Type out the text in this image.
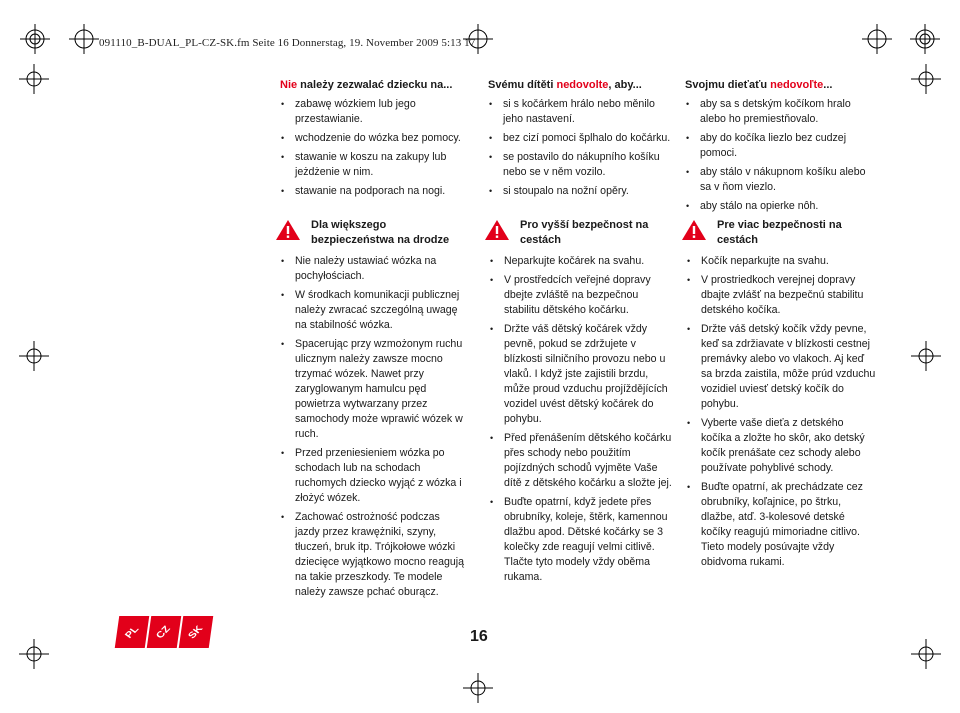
091110_B-DUAL_PL-CZ-SK.fm Seite 16 Donnerstag, 19. November 2009 5:13 17
Nie należy zezwalać dziecku na...
• zabawę wózkiem lub jego przestawianie.
• wchodzenie do wózka bez pomocy.
• stawanie w koszu na zakupy lub jeżdżenie w nim.
• stawanie na podporach na nogi.
Svému dítěti nedovolte, aby...
• si s kočárkem hrálo nebo měnilo jeho nastavení.
• bez cizí pomoci šplhalo do kočárku.
• se postavilo do nákupního košíku nebo se v něm vozilo.
• si stoupalo na nožní opěry.
Svojmu dieťaťu nedovoľte...
• aby sa s detským kočíkom hralo alebo ho premiestňovalo.
• aby do kočíka liezlo bez cudzej pomoci.
• aby stálo v nákupnom košíku alebo sa v ňom viezlo.
• aby stálo na opierke nôh.
Dla większego bezpieczeństwa na drodze
• Nie należy ustawiać wózka na pochyłościach.
• W środkach komunikacji publicznej należy zwracać szczególną uwagę na stabilność wózka.
• Spacerując przy wzmożonym ruchu ulicznym należy zawsze mocno trzymać wózek. Nawet przy zaryglowanym hamulcu pęd powietrza wytwarzany przez samochody może wprawić wózek w ruch.
• Przed przeniesieniem wózka po schodach lub na schodach ruchomych dziecko wyjąć z wózka i złożyć wózek.
• Zachować ostrożność podczas jazdy przez krawężniki, szyny, tłuczeń, bruk itp. Trójkołowe wózki dziecięce wyjątkowo mocno reagują na takie przeszkody. Te modele należy zawsze pchać oburącz.
Pro vyšší bezpečnost na cestách
• Neparkujte kočárek na svahu.
• V prostředcích veřejné dopravy dbejte zvláště na bezpečnou stabilitu dětského kočárku.
• Držte váš dětský kočárek vždy pevně, pokud se zdržujete v blízkosti silničního provozu nebo u vlaků. I když jste zajistili brzdu, může proud vzduchu projíždějících vozidel uvést dětský kočárek do pohybu.
• Před přenášením dětského kočárku přes schody nebo použitím pojízdných schodů vyjměte Vaše dítě z dětského kočárku a složte jej.
• Buďte opatrní, když jedete přes obrubníky, koleje, štěrk, kamennou dlažbu apod. Dětské kočárky se 3 kolečky zde reagují velmi citlivě. Tlačte tyto modely vždy oběma rukama.
Pre viac bezpečnosti na cestách
• Kočík neparkujte na svahu.
• V prostriedkoch verejnej dopravy dbajte zvlášť na bezpečnú stabilitu detského kočíka.
• Držte váš detský kočík vždy pevne, keď sa zdržiavate v blízkosti cestnej premávky alebo vo vlakoch. Aj keď sa brzda zaistila, môže prúd vzduchu vozidiel uviesť detský kočík do pohybu.
• Vyberte vaše dieťa z detského kočíka a zložte ho skôr, ako detský kočík prenášate cez schody alebo používate pohyblivé schody.
• Buďte opatrní, ak prechádzate cez obrubníky, koľajnice, po štrku, dlažbe, atď. 3-kolesové detské kočíky reagujú mimoriadne citlivo. Tieto modely posúvajte vždy obidvoma rukami.
PL CZ SK	16
